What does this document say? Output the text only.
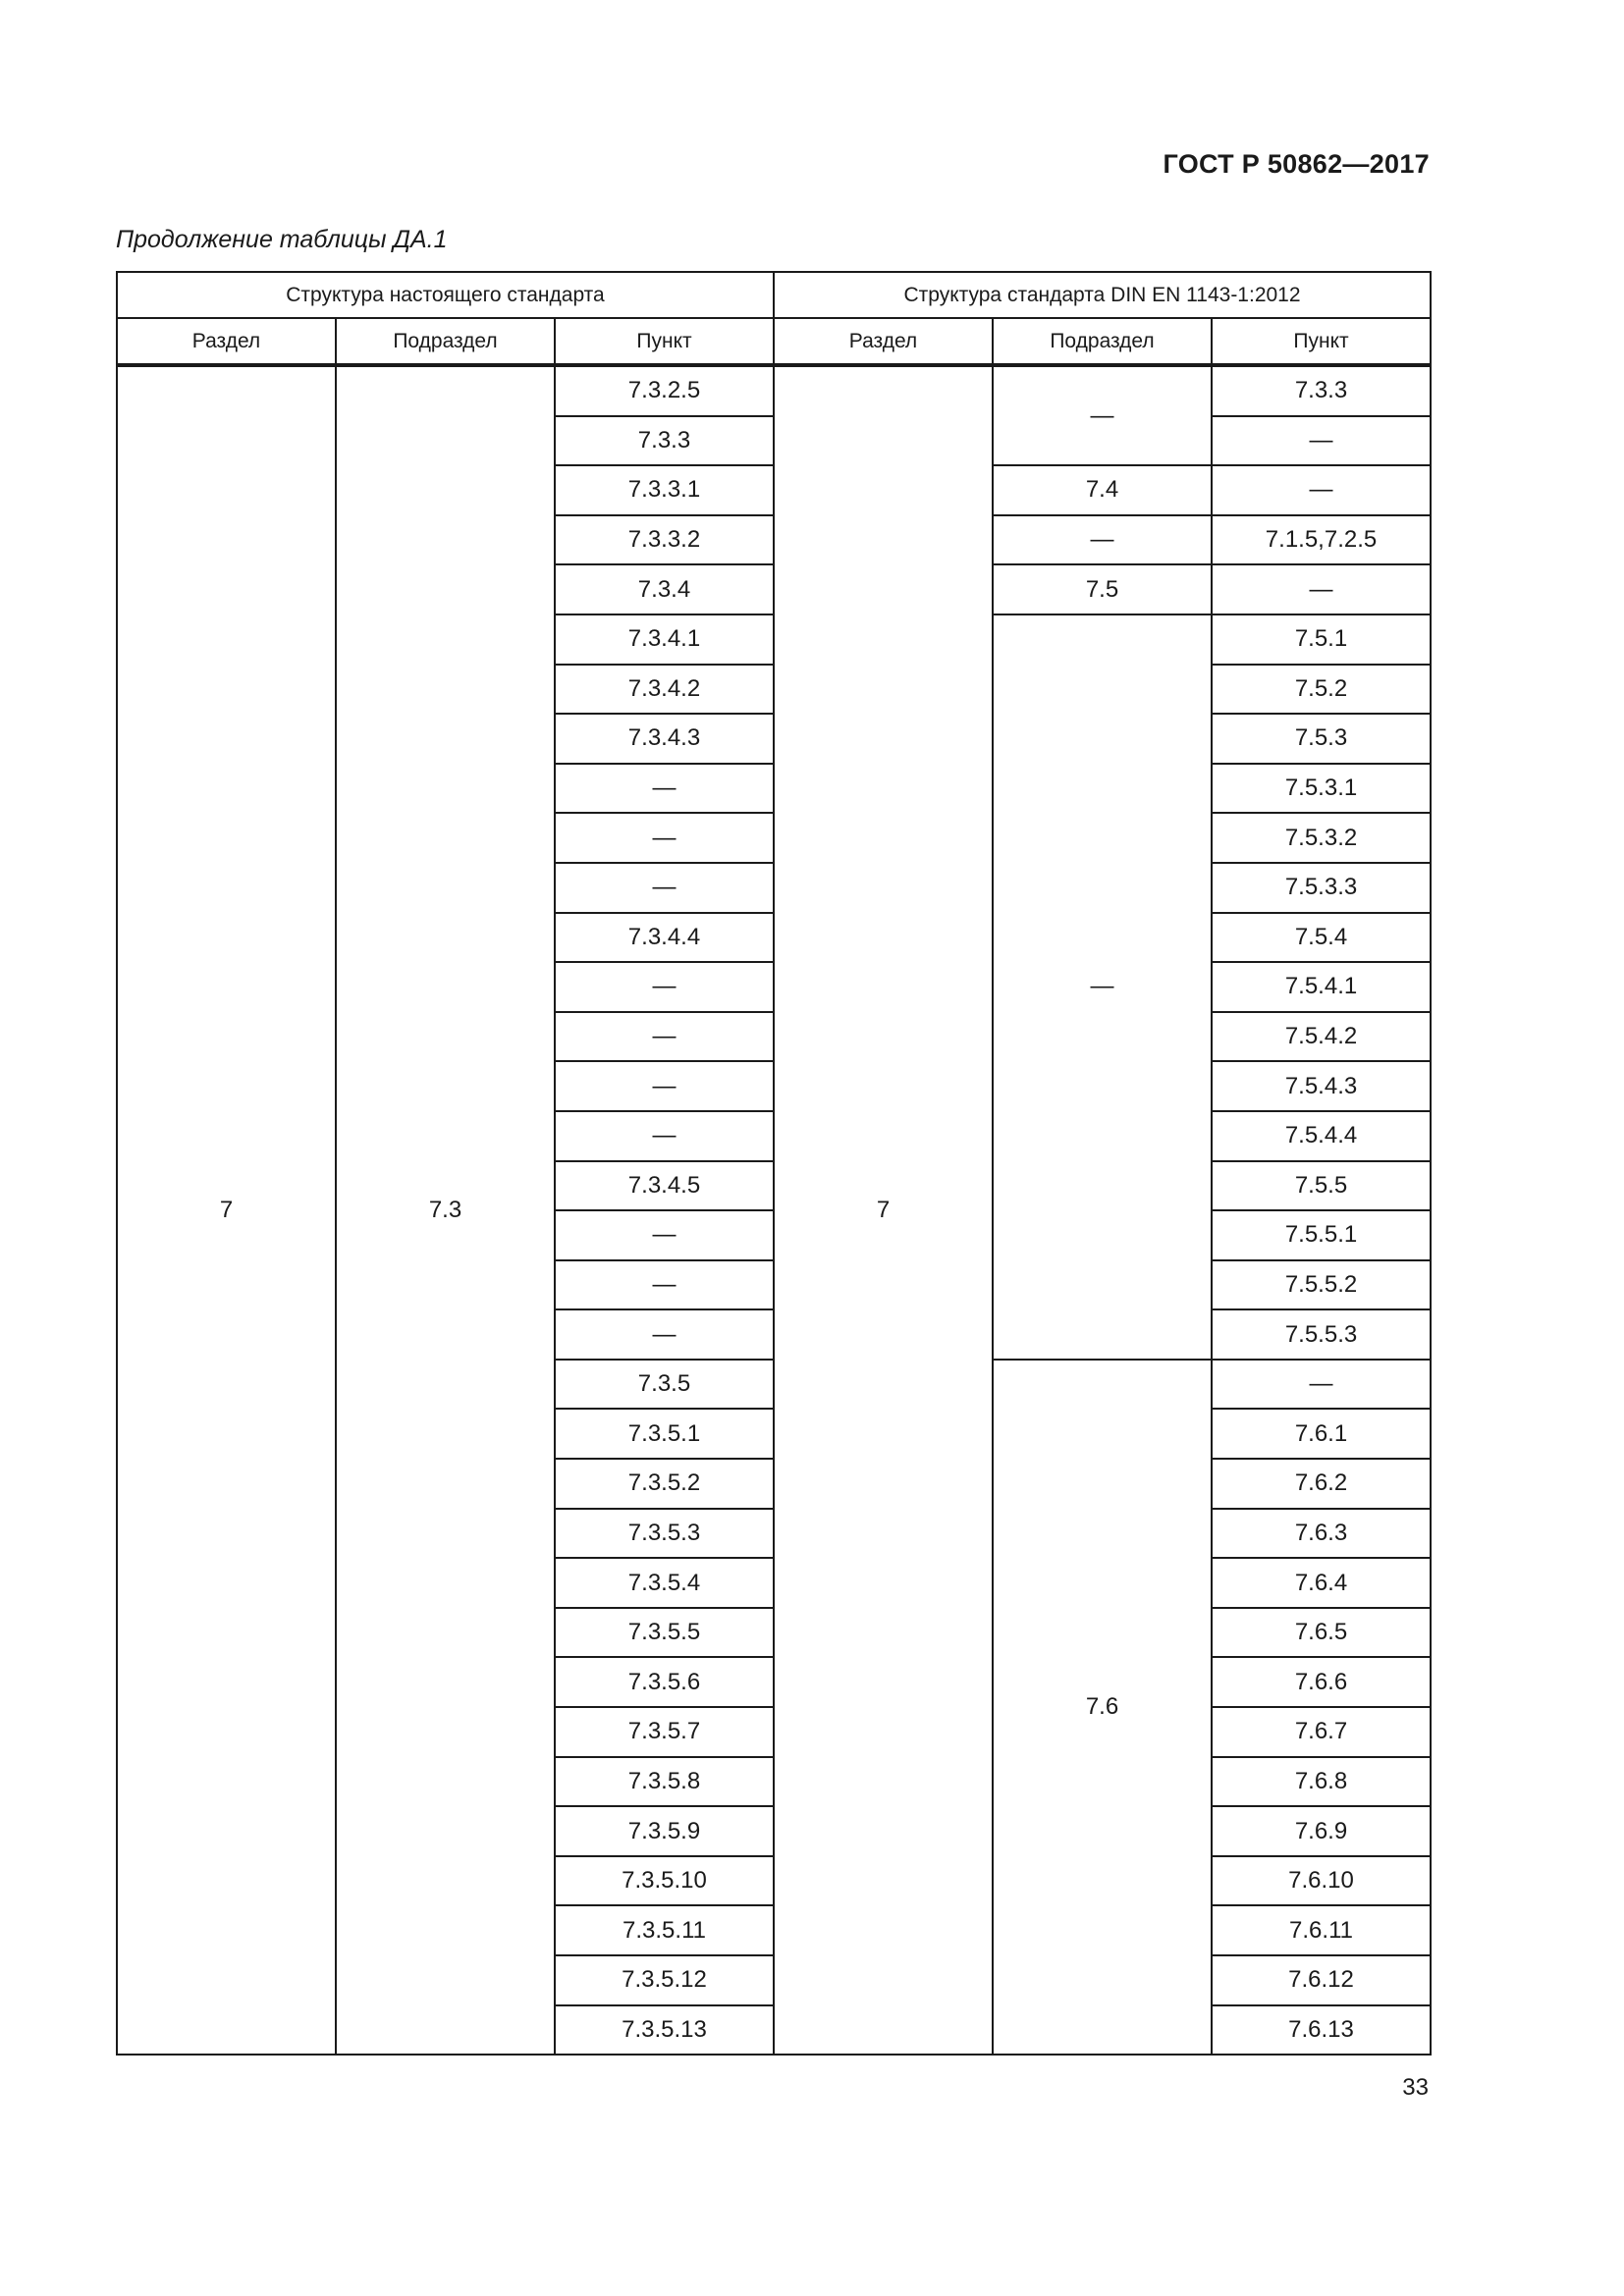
ГОСТ Р 50862—2017
Продолжение таблицы ДА.1
Структура настоящего стандарта			Структура стандарта DIN EN 1143-1:2012		
Раздел	Подраздел	Пункт	Раздел	Подраздел	Пункт
7	7.3	7.3.2.5	7	—	7.3.3
		7.3.3			—
		7.3.3.1		7.4	—
		7.3.3.2		—	7.1.5,7.2.5
		7.3.4		7.5	—
		7.3.4.1		—	7.5.1
		7.3.4.2			7.5.2
		7.3.4.3			7.5.3
		—			7.5.3.1
		—			7.5.3.2
		—			7.5.3.3
		7.3.4.4			7.5.4
		—			7.5.4.1
		—			7.5.4.2
		—			7.5.4.3
		—			7.5.4.4
		7.3.4.5			7.5.5
		—			7.5.5.1
		—			7.5.5.2
		—			7.5.5.3
		7.3.5		7.6	—
		7.3.5.1			7.6.1
		7.3.5.2			7.6.2
		7.3.5.3			7.6.3
		7.3.5.4			7.6.4
		7.3.5.5			7.6.5
		7.3.5.6			7.6.6
		7.3.5.7			7.6.7
		7.3.5.8			7.6.8
		7.3.5.9			7.6.9
		7.3.5.10			7.6.10
		7.3.5.11			7.6.11
		7.3.5.12			7.6.12
		7.3.5.13			7.6.13
33
